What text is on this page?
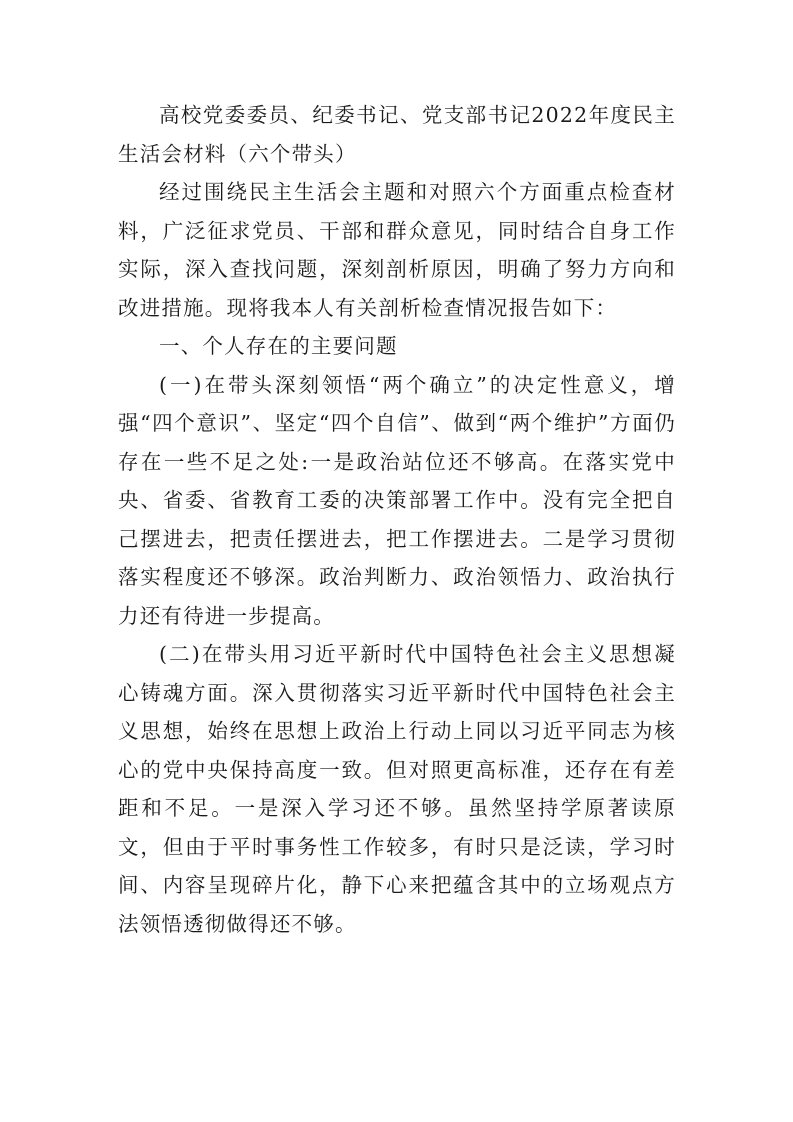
高校党委委员、纪委书记、党支部书记2022年度民主生活会材料（六个带头）

经过围绕民主生活会主题和对照六个方面重点检查材料，广泛征求党员、干部和群众意见，同时结合自身工作实际，深入查找问题，深刻剖析原因，明确了努力方向和改进措施。现将我本人有关剖析检查情况报告如下：

一、个人存在的主要问题

(一)在带头深刻领悟“两个确立”的决定性意义，增强“四个意识”、坚定“四个自信”、做到“两个维护”方面仍存在一些不足之处:一是政治站位还不够高。在落实党中央、省委、省教育工委的决策部署工作中。没有完全把自己摆进去，把责任摆进去，把工作摆进去。二是学习贯彻落实程度还不够深。政治判断力、政治领悟力、政治执行力还有待进一步提高。

(二)在带头用习近平新时代中国特色社会主义思想凝心铸魂方面。深入贯彻落实习近平新时代中国特色社会主义思想，始终在思想上政治上行动上同以习近平同志为核心的党中央保持高度一致。但对照更高标准，还存在有差距和不足。一是深入学习还不够。虽然坚持学原著读原文，但由于平时事务性工作较多，有时只是泛读，学习时间、内容呈现碎片化，静下心来把蕴含其中的立场观点方法领悟透彻做得还不够。
